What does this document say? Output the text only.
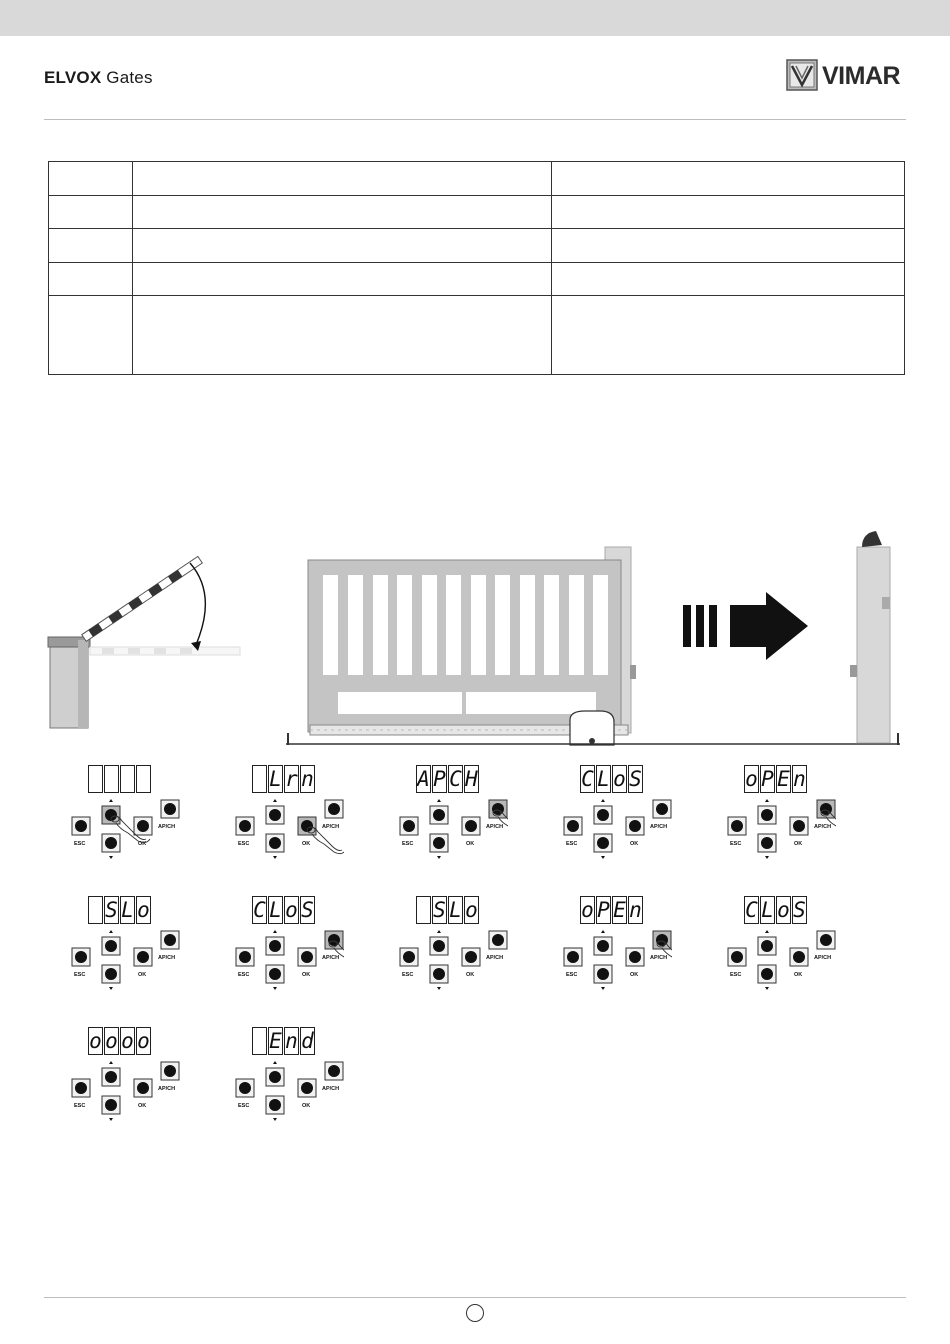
ELVOX Gates	VIMAR

ESC	OK
AP/CH
L r n
ESC	OK
AP/CH
A P C H
ESC	OK
AP/CH
C L o S
ESC	OK
AP/CH
o P E n
ESC	OK
AP/CH
S L o
ESC	OK
AP/CH
C L o S
ESC	OK
AP/CH
S L o
ESC	OK
AP/CH
o P E n
ESC	OK
AP/CH
C L o S
ESC	OK
AP/CH
o o o o
ESC	OK
AP/CH
E n d
ESC	OK
AP/CH
